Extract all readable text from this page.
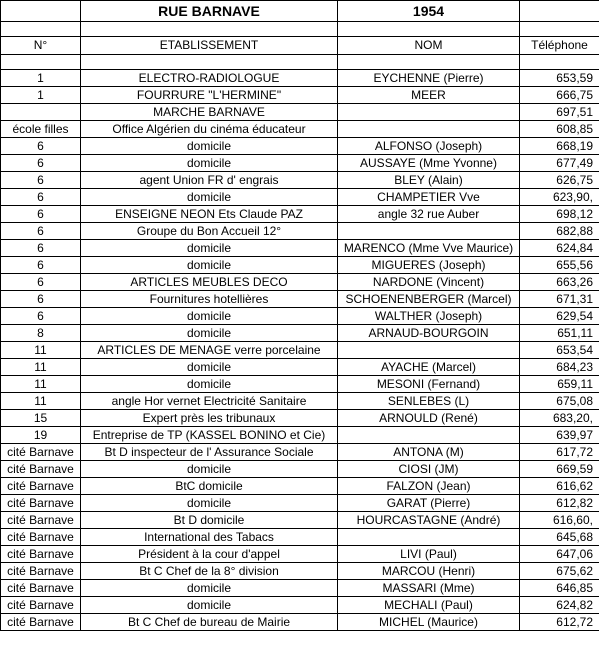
	RUE BARNAVE	1954	

N°	ETABLISSEMENT	NOM	Téléphone

1	ELECTRO-RADIOLOGUE	EYCHENNE (Pierre)	653,59
1	FOURRURE "L'HERMINE"	MEER	666,75
	MARCHE BARNAVE		697,51
école filles	Office Algérien du cinéma éducateur		608,85
6	domicile	ALFONSO (Joseph)	668,19
6	domicile	AUSSAYE (Mme Yvonne)	677,49
6	agent Union FR d' engrais	BLEY (Alain)	626,75
6	domicile	CHAMPETIER Vve	623,90,
6	ENSEIGNE NEON Ets Claude PAZ	angle 32 rue Auber	698,12
6	Groupe du Bon Accueil 12°		682,88
6	domicile	MARENCO (Mme Vve Maurice)	624,84
6	domicile	MIGUERES (Joseph)	655,56
6	ARTICLES MEUBLES DECO	NARDONE (Vincent)	663,26
6	Fournitures hotellières	SCHOENENBERGER (Marcel)	671,31
6	domicile	WALTHER (Joseph)	629,54
8	domicile	ARNAUD-BOURGOIN	651,11
11	ARTICLES DE MENAGE verre porcelaine		653,54
11	domicile	AYACHE (Marcel)	684,23
11	domicile	MESONI (Fernand)	659,11
11	angle Hor vernet Electricité Sanitaire	SENLEBES (L)	675,08
15	Expert près les tribunaux	ARNOULD (René)	683,20,
19	Entreprise de TP (KASSEL BONINO et Cie)		639,97
cité Barnave	Bt D inspecteur de l' Assurance Sociale	ANTONA (M)	617,72
cité Barnave	domicile	CIOSI (JM)	669,59
cité Barnave	BtC domicile	FALZON (Jean)	616,62
cité Barnave	domicile	GARAT (Pierre)	612,82
cité Barnave	Bt D domicile	HOURCASTAGNE (André)	616,60,
cité Barnave	International des Tabacs		645,68
cité Barnave	Président à la cour d'appel	LIVI (Paul)	647,06
cité Barnave	Bt C Chef de la 8° division	MARCOU (Henri)	675,62
cité Barnave	domicile	MASSARI (Mme)	646,85
cité Barnave	domicile	MECHALI (Paul)	624,82
cité Barnave	Bt C Chef de bureau de Mairie	MICHEL (Maurice)	612,72
